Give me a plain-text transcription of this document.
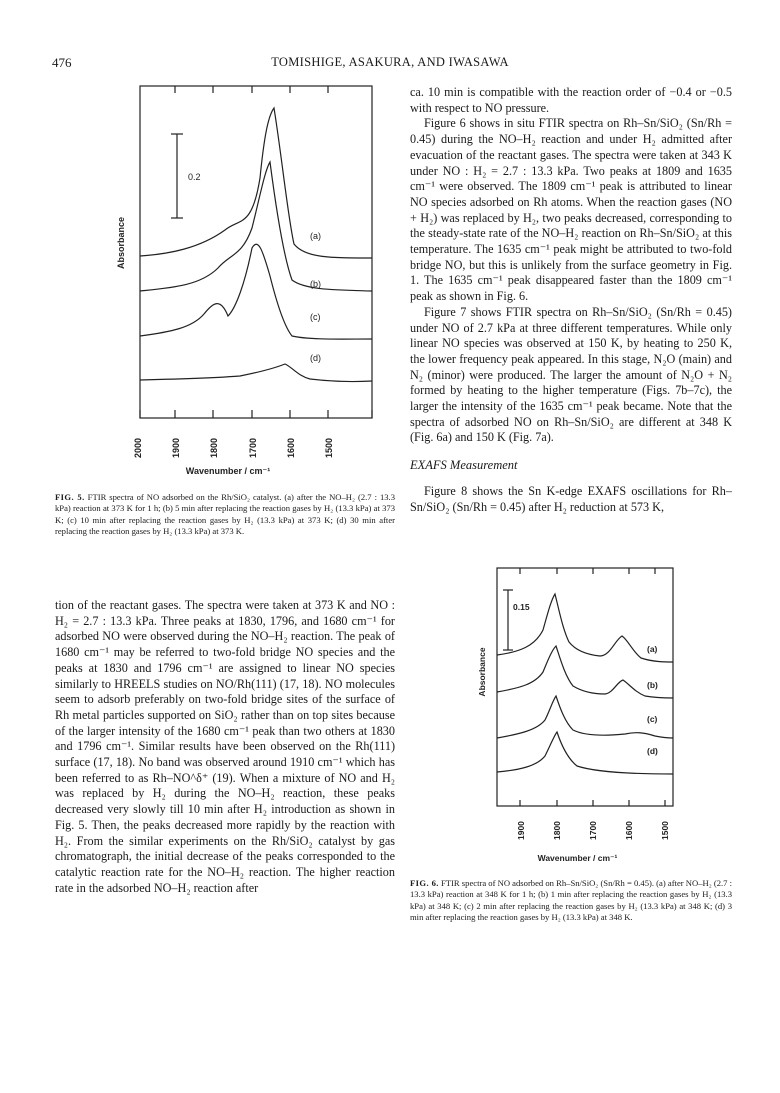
476	TOMISHIGE, ASAKURA, AND IWASAWA
0.2
(a)
(b)
(c)
(d)
Absorbance
2000	1900	1800	1700	1600	1500
Wavenumber / cm⁻¹
FIG. 5. FTIR spectra of NO adsorbed on the Rh/SiO₂ catalyst. (a) after the NO–H₂ (2.7 : 13.3 kPa) reaction at 373 K for 1 h; (b) 5 min after replacing the reaction gases by H₂ (13.3 kPa) at 373 K; (c) 10 min after replacing the reaction gases by H₂ (13.3 kPa) at 373 K; (d) 30 min after replacing the reaction gases by H₂ (13.3 kPa) at 373 K.

tion of the reactant gases. The spectra were taken at 373 K and NO : H₂ = 2.7 : 13.3 kPa. Three peaks at 1830, 1796, and 1680 cm⁻¹ for adsorbed NO were observed during the NO–H₂ reaction. The peak of 1680 cm⁻¹ may be referred to two-fold bridge NO species and the peaks at 1830 and 1796 cm⁻¹ are assigned to linear NO species similarly to HREELS studies on NO/Rh(111) (17, 18). NO molecules seem to adsorb preferably on two-fold bridge sites of the surface of Rh metal particles supported on SiO₂ rather than on top sites because of the larger intensity of the 1680 cm⁻¹ peak than two others at 1830 and 1796 cm⁻¹. Similar results have been observed on the Rh(111) surface (17, 18). No band was observed around 1910 cm⁻¹ which has been referred to as Rh–NO^δ⁺ (19). When a mixture of NO and H₂ was replaced by H₂ during the NO–H₂ reaction, these peaks decreased very slowly till 10 min after H₂ introduction as shown in Fig. 5. Then, the peaks decreased more rapidly by the reaction with H₂. From the similar experiments on the Rh/SiO₂ catalyst by gas chromatograph, the initial decrease of the peaks corresponded to the catalytic reaction rate for the NO–H₂ reaction. The higher reaction rate in the adsorbed NO–H₂ reaction after

ca. 10 min is compatible with the reaction order of −0.4 or −0.5 with respect to NO pressure.

Figure 6 shows in situ FTIR spectra on Rh–Sn/SiO₂ (Sn/Rh = 0.45) during the NO–H₂ reaction and under H₂ admitted after evacuation of the reactant gases. The spectra were taken at 343 K under NO : H₂ = 2.7 : 13.3 kPa. Two peaks at 1809 and 1635 cm⁻¹ were observed. The 1809 cm⁻¹ peak is attributed to linear NO species adsorbed on Rh atoms. When the reaction gases (NO + H₂) was replaced by H₂, two peaks decreased, corresponding to the steady-state rate of the NO–H₂ reaction on Rh–Sn/SiO₂ at this temperature. The 1635 cm⁻¹ peak might be attributed to two-fold bridge NO, but this is unlikely from the surface geometry in Fig. 1. The 1635 cm⁻¹ peak disappeared faster than the 1809 cm⁻¹ peak as shown in Fig. 6.

Figure 7 shows FTIR spectra on Rh–Sn/SiO₂ (Sn/Rh = 0.45) under NO of 2.7 kPa at three different temperatures. While only linear NO species was observed at 150 K, by heating to 250 K, the lower frequency peak appeared. In this stage, N₂O (main) and N₂ (minor) were produced. The larger the amount of N₂O + N₂ formed by heating to the higher temperature (Figs. 7b–7c), the larger the intensity of the 1635 cm⁻¹ peak became. Note that the spectra of adsorbed NO on Rh–Sn/SiO₂ are different at 348 K (Fig. 6a) and 150 K (Fig. 7a).

EXAFS Measurement

Figure 8 shows the Sn K-edge EXAFS oscillations for Rh–Sn/SiO₂ (Sn/Rh = 0.45) after H₂ reduction at 573 K,

0.15
(a)
(b)
(c)
(d)
Absorbance
1900	1800	1700	1600	1500
Wavenumber / cm⁻¹
FIG. 6. FTIR spectra of NO adsorbed on Rh–Sn/SiO₂ (Sn/Rh = 0.45). (a) after NO–H₂ (2.7 : 13.3 kPa) reaction at 348 K for 1 h; (b) 1 min after replacing the reaction gases by H₂ (13.3 kPa) at 348 K; (c) 2 min after replacing the reaction gases by H₂ (13.3 kPa) at 348 K; (d) 3 min after replacing the reaction gases by H₂ (13.3 kPa) at 348 K.
